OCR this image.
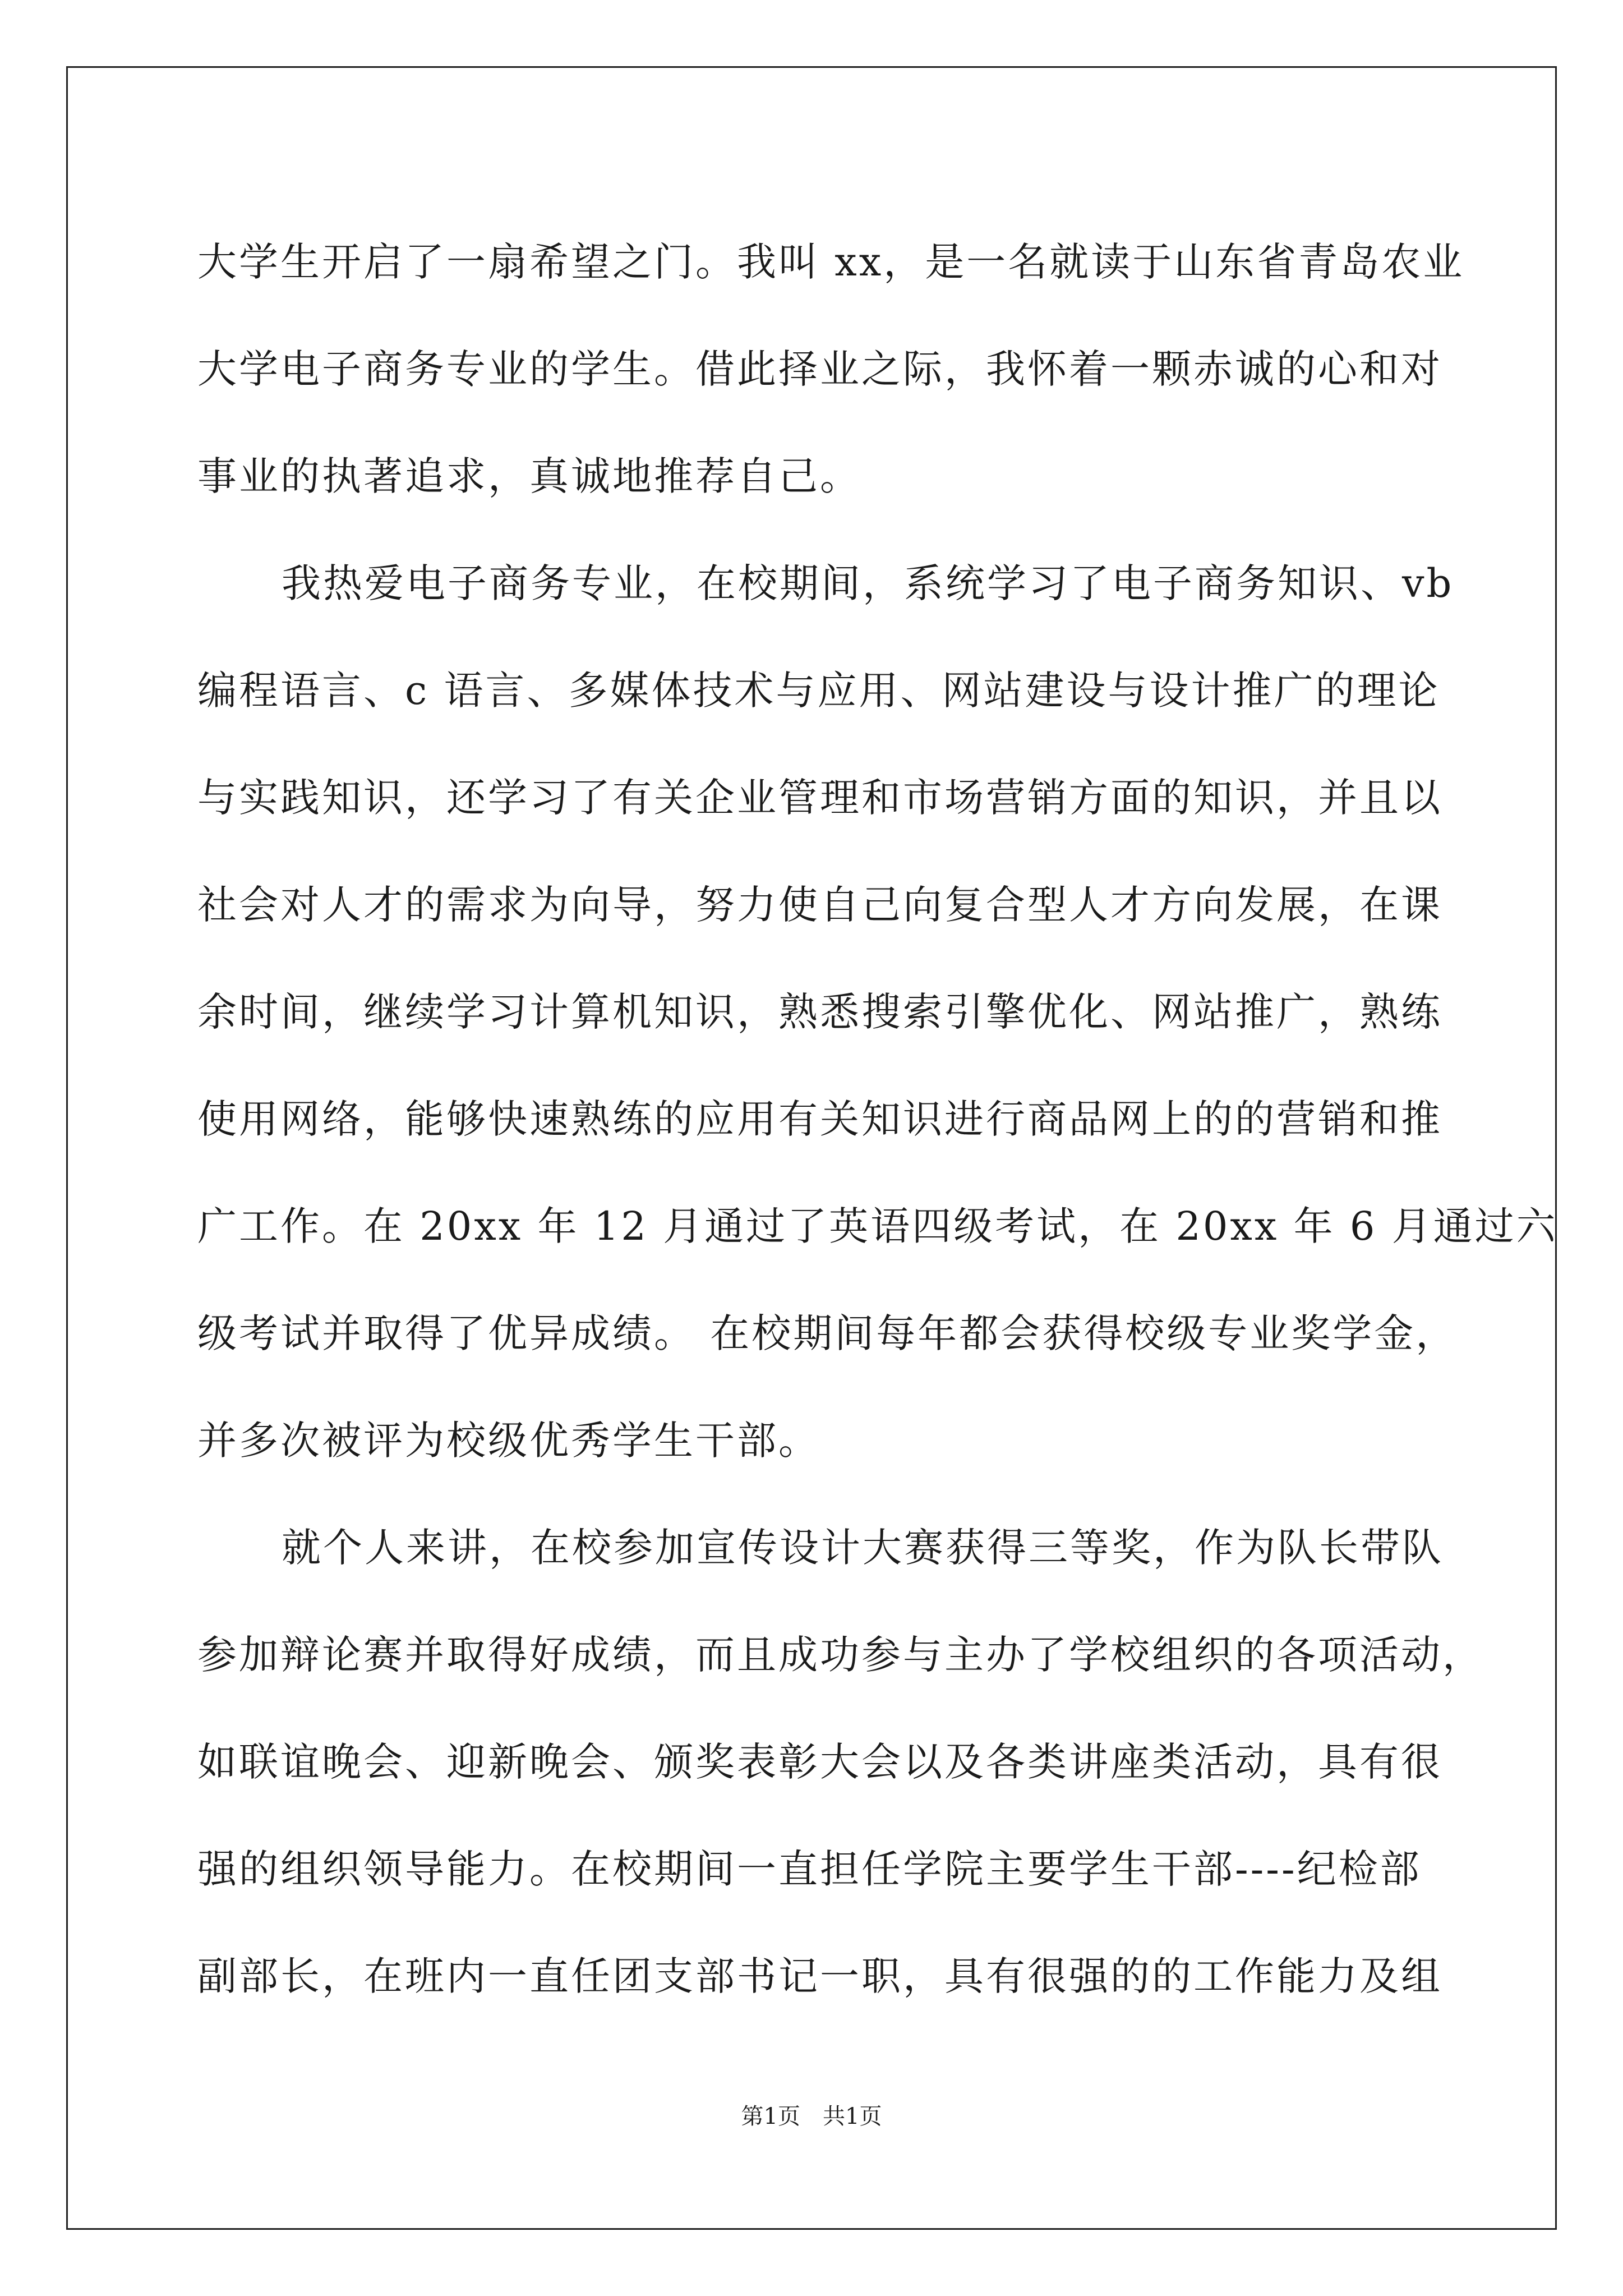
大学生开启了一扇希望之门。我叫 xx，是一名就读于山东省青岛农业
大学电子商务专业的学生。借此择业之际，我怀着一颗赤诚的心和对
事业的执著追求，真诚地推荐自己。

我热爱电子商务专业，在校期间，系统学习了电子商务知识、vb
编程语言、c 语言、多媒体技术与应用、网站建设与设计推广的理论
与实践知识，还学习了有关企业管理和市场营销方面的知识，并且以
社会对人才的需求为向导，努力使自己向复合型人才方向发展，在课
余时间，继续学习计算机知识，熟悉搜索引擎优化、网站推广，熟练
使用网络，能够快速熟练的应用有关知识进行商品网上的的营销和推
广工作。在 20xx 年 12 月通过了英语四级考试，在 20xx 年 6 月通过六
级考试并取得了优异成绩。 在校期间每年都会获得校级专业奖学金，
并多次被评为校级优秀学生干部。

就个人来讲，在校参加宣传设计大赛获得三等奖，作为队长带队
参加辩论赛并取得好成绩，而且成功参与主办了学校组织的各项活动，
如联谊晚会、迎新晚会、颁奖表彰大会以及各类讲座类活动，具有很
强的组织领导能力。在校期间一直担任学院主要学生干部----纪检部
副部长，在班内一直任团支部书记一职，具有很强的的工作能力及组

第1页　共1页
